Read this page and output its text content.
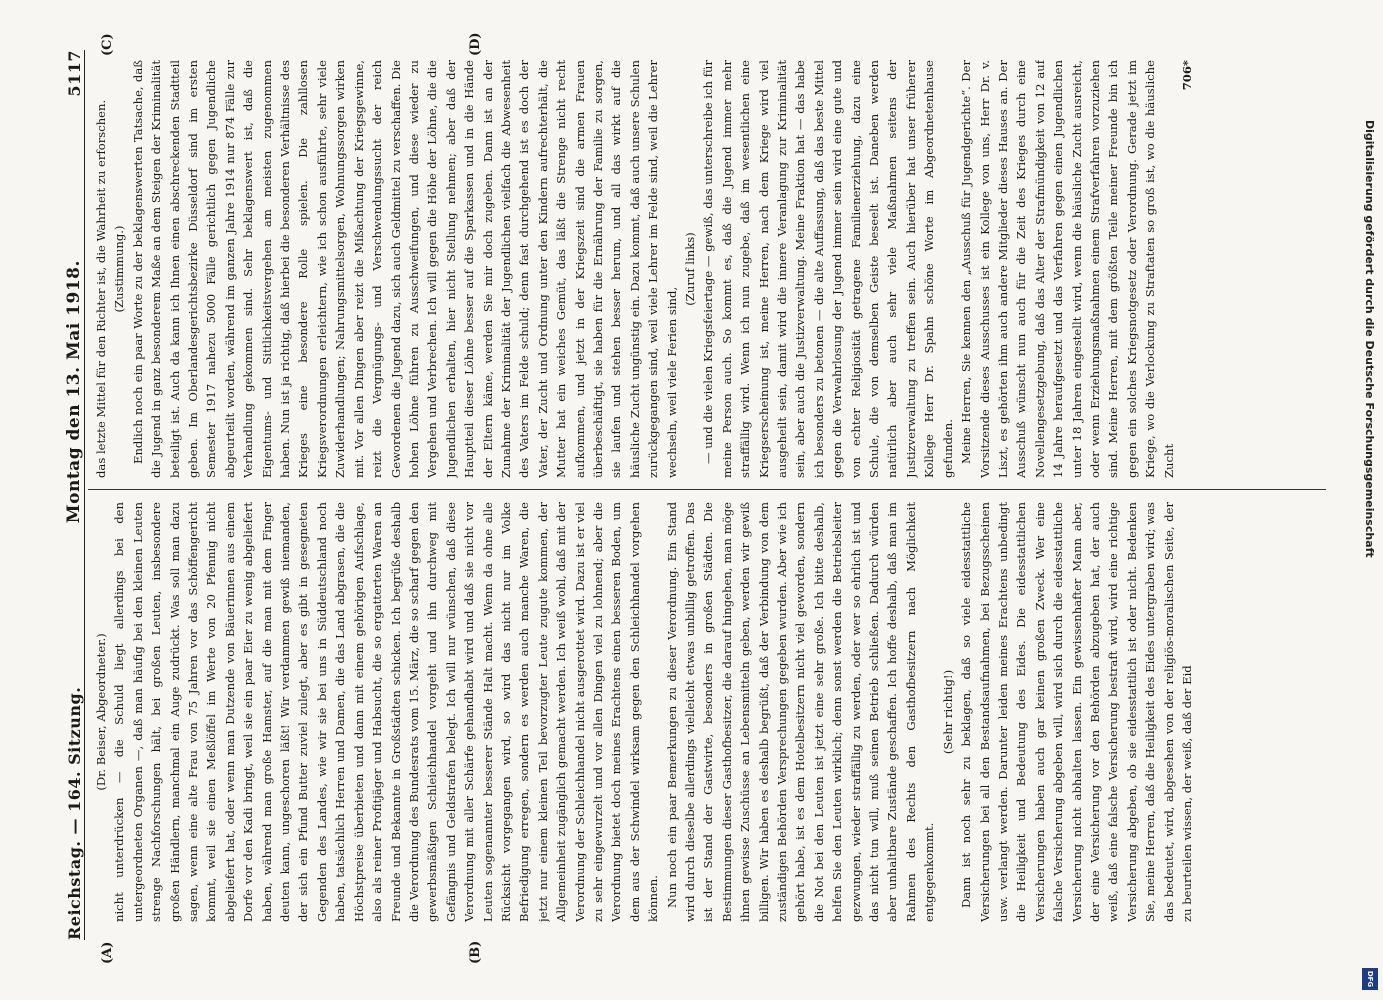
Reichstag. — 164. Sitzung.
Montag den 13. Mai 1918.
5117
(A)	(B)
(C)	(D)

(Dr. Beiser, Abgeordneter.) nicht unterdrücken — die Schuld liegt allerdings bei den untergeordneten Organen —, daß man häufig bei den kleinen Leuten strenge Nachforschungen hält, bei großen Leuten, insbesondere großen Händlern, manchmal ein Auge zudrückt. Was soll man dazu sagen, wenn eine alte Frau von 75 Jahren vor das Schöffengericht kommt, weil sie einen Meßlöffel im Werte von 20 Pfennig nicht abgeliefert hat, oder wenn man Dutzende von Bäuerinnen aus einem Dorfe vor den Kadi bringt, weil sie ein paar Eier zu wenig abgeliefert haben, während man große Hamster, auf die man mit dem Finger deuten kann, ungeschoren läßt! Wir verdammen gewiß niemanden, der sich ein Pfund Butter zuviel zulegt, aber es gibt in gesegneten Gegenden des Landes, wie wir sie bei uns in Süddeutschland noch haben, tatsächlich Herren und Damen, die das Land abgrasen, die die Höchstpreise überbieten und dann mit einem gehörigen Aufschlage, also als reiner Profitjäger und Habsucht, die so ergatterten Waren an Freunde und Bekannte in Großstädten schicken. Ich begrüße deshalb die Verordnung des Bundesrats vom 15. März, die so scharf gegen den gewerbsmäßigen Schleichhandel vorgeht und ihn durchweg mit Gefängnis und Geldstrafen belegt. Ich will nur wünschen, daß diese Verordnung mit aller Schärfe gehandhabt wird und daß sie nicht vor Leuten sogenannter besserer Stände Halt macht. Wenn da ohne alle Rücksicht vorgegangen wird, so wird das nicht nur im Volke Befriedigung erregen, sondern es werden auch manche Waren, die jetzt nur einem kleinen Teil bevorzugter Leute zugute kommen, der Allgemeinheit zugänglich gemacht werden. Ich weiß wohl, daß mit der Verordnung der Schleichhandel nicht ausgerottet wird. Dazu ist er viel zu sehr eingewurzelt und vor allen Dingen viel zu lohnend; aber die Verordnung bietet doch meines Erachtens einen besseren Boden, um dem aus der Schwindel wirksam gegen den Schleichhandel vorgehen können. Nun noch ein paar Bemerkungen zu dieser Verordnung. Ein Stand wird durch dieselbe allerdings vielleicht etwas unbillig getroffen. Das ist der Stand der Gastwirte, besonders in großen Städten. Die Bestimmungen dieser Gasthofbesitzer, die darauf hingehen, man möge ihnen gewisse Zuschüsse an Lebensmitteln geben, werden wir gewiß billigen. Wir haben es deshalb begrüßt, daß der Verbindung von dem zuständigen Behörden Versprechungen gegeben wurden. Aber wie ich gehört habe, ist es dem Hotelbesitzern nicht viel geworden, sondern die Not bei den Leuten ist jetzt eine sehr große. Ich bitte deshalb, helfen Sie den Leuten wirklich; denn sonst werden die Betriebsleiter gezwungen, wieder straffällig zu werden, oder wer so ehrlich ist und das nicht tun will, muß seinen Betrieb schließen. Dadurch würden aber unhaltbare Zustände geschaffen. Ich hoffe deshalb, daß man im Rahmen des Rechts den Gasthofbesitzern nach Möglichkeit entgegenkommt.

(Sehr richtig!) Dann ist noch sehr zu beklagen, daß so viele eidesstattliche Versicherungen bei all den Bestandsaufnahmen, bei Bezugsscheinen usw. verlangt werden. Darunter leiden meines Erachtens unbedingt die Heiligkeit und Bedeutung des Eides. Die eidesstattlichen Versicherungen haben auch gar keinen großen Zweck. Wer eine falsche Versicherung abgeben will, wird sich durch die eidesstattliche Versicherung nicht abhalten lassen. Ein gewissenhafter Mann aber, der eine Versicherung vor den Behörden abzugeben hat, der auch weiß, daß eine falsche Versicherung bestraft wird, wird eine richtige Versicherung abgeben, ob sie eidesstattlich ist oder nicht. Bedenken Sie, meine Herren, daß die Heiligkeit des Eides untergraben wird; was das bedeutet, wird, abgesehen von der religiös-moralischen Seite, der zu beurteilen wissen, der weiß, daß der Eid

das letzte Mittel für den Richter ist, die Wahrheit zu erforschen. (Zustimmung.) Endlich noch ein paar Worte zu der beklagenswerten Tatsache, daß die Jugend in ganz besonderem Maße an dem Steigen der Kriminalität beteiligt ist. Auch da kann ich Ihnen einen abschreckenden Stadtteil geben. Im Oberlandesgerichtsbezirke Düsseldorf sind im ersten Semester 1917 nahezu 5000 Fälle gerichtlich gegen Jugendliche abgeurteilt worden, während im ganzen Jahre 1914 nur 874 Fälle zur Verhandlung gekommen sind. Sehr beklagenswert ist, daß die Eigentums- und Sittlichkeitsvergehen am meisten zugenommen haben. Nun ist ja richtig, daß hierbei die besonderen Verhältnisse des Krieges eine besondere Rolle spielen. Die zahllosen Kriegsverordnungen erleichtern, wie ich schon ausführte, sehr viele Zuwiderhandlungen; Nahrungsmittelsorgen, Wohnungssorgen wirken mit. Vor allen Dingen aber reizt die Mißachtung der Kriegsgewinne, reizt die Vergnügungs- und Verschwendungssucht der reich Gewordenen die Jugend dazu, sich auch Geldmittel zu verschaffen. Die hohen Löhne führen zu Ausschweifungen, und diese wieder zu Vergehen und Verbrechen. Ich will gegen die Höhe der Löhne, die die Jugendlichen erhalten, hier nicht Stellung nehmen; aber daß der Hauptteil dieser Löhne besser auf die Sparkassen und in die Hände der Eltern käme, werden Sie mir doch zugeben. Dann ist an der Zunahme der Kriminalität der Jugendlichen vielfach die Abwesenheit des Vaters im Felde schuld; denn fast durchgehend ist es doch der Vater, der Zucht und Ordnung unter den Kindern aufrechterhält, die Mutter hat ein weiches Gemüt, das läßt die Strenge nicht recht aufkommen, und jetzt in der Kriegszeit sind die armen Frauen überbeschäftigt, sie haben für die Ernährung der Familie zu sorgen, sie laufen und stehen besser herum, und all das wirkt auf die häusliche Zucht ungünstig ein. Dazu kommt, daß auch unsere Schulen zurückgegangen sind, weil viele Lehrer im Felde sind, weil die Lehrer wechseln, weil viele Ferien sind,

(Zuruf links) — und die vielen Kriegsfeiertage — gewiß, das unterschreibe ich für meine Person auch. So kommt es, daß die Jugend immer mehr straffällig wird. Wenn ich nun zugebe, daß im wesentlichen eine Kriegserscheinung ist, meine Herren, nach dem Kriege wird viel ausgeheilt sein, damit wird die innere Veranlagung zur Kriminalität sein, aber auch die Justizverwaltung. Meine Fraktion hat — das habe ich besonders zu betonen — die alte Auffassung, daß das beste Mittel gegen die Verwahrlosung der Jugend immer sein wird eine gute und von echter Religiosität getragene Familienerziehung, dazu eine Schule, die von demselben Geiste beseelt ist. Daneben werden natürlich aber auch sehr viele Maßnahmen seitens der Justizverwaltung zu treffen sein. Auch hierüber hat unser früherer Kollege Herr Dr. Spahn schöne Worte im Abgeordnetenhause gefunden. Meine Herren, Sie kennen den „Ausschuß für Jugendgerichte“. Der Vorsitzende dieses Ausschusses ist ein Kollege von uns, Herr Dr. v. Liszt, es gehörten ihm auch andere Mitglieder dieses Hauses an. Der Ausschuß wünscht nun auch für die Zeit des Krieges durch eine Novellengesetzgebung, daß das Alter der Strafmündigkeit von 12 auf 14 Jahre heraufgesetzt und das Verfahren gegen einen Jugendlichen unter 18 Jahren eingestellt wird, wenn die häusliche Zucht ausreicht, oder wenn Erziehungsmaßnahmen einem Strafverfahren vorzuziehen sind. Meine Herren, mit dem größten Teile meiner Freunde bin ich gegen ein solches Kriegsnotgesetz oder Verordnung. Gerade jetzt im Kriege, wo die Verlockung zu Straftaten so groß ist, wo die häusliche Zucht

706*

Digitalisierung gefördert durch die Deutsche Forschungsgemeinschaft
DFG
